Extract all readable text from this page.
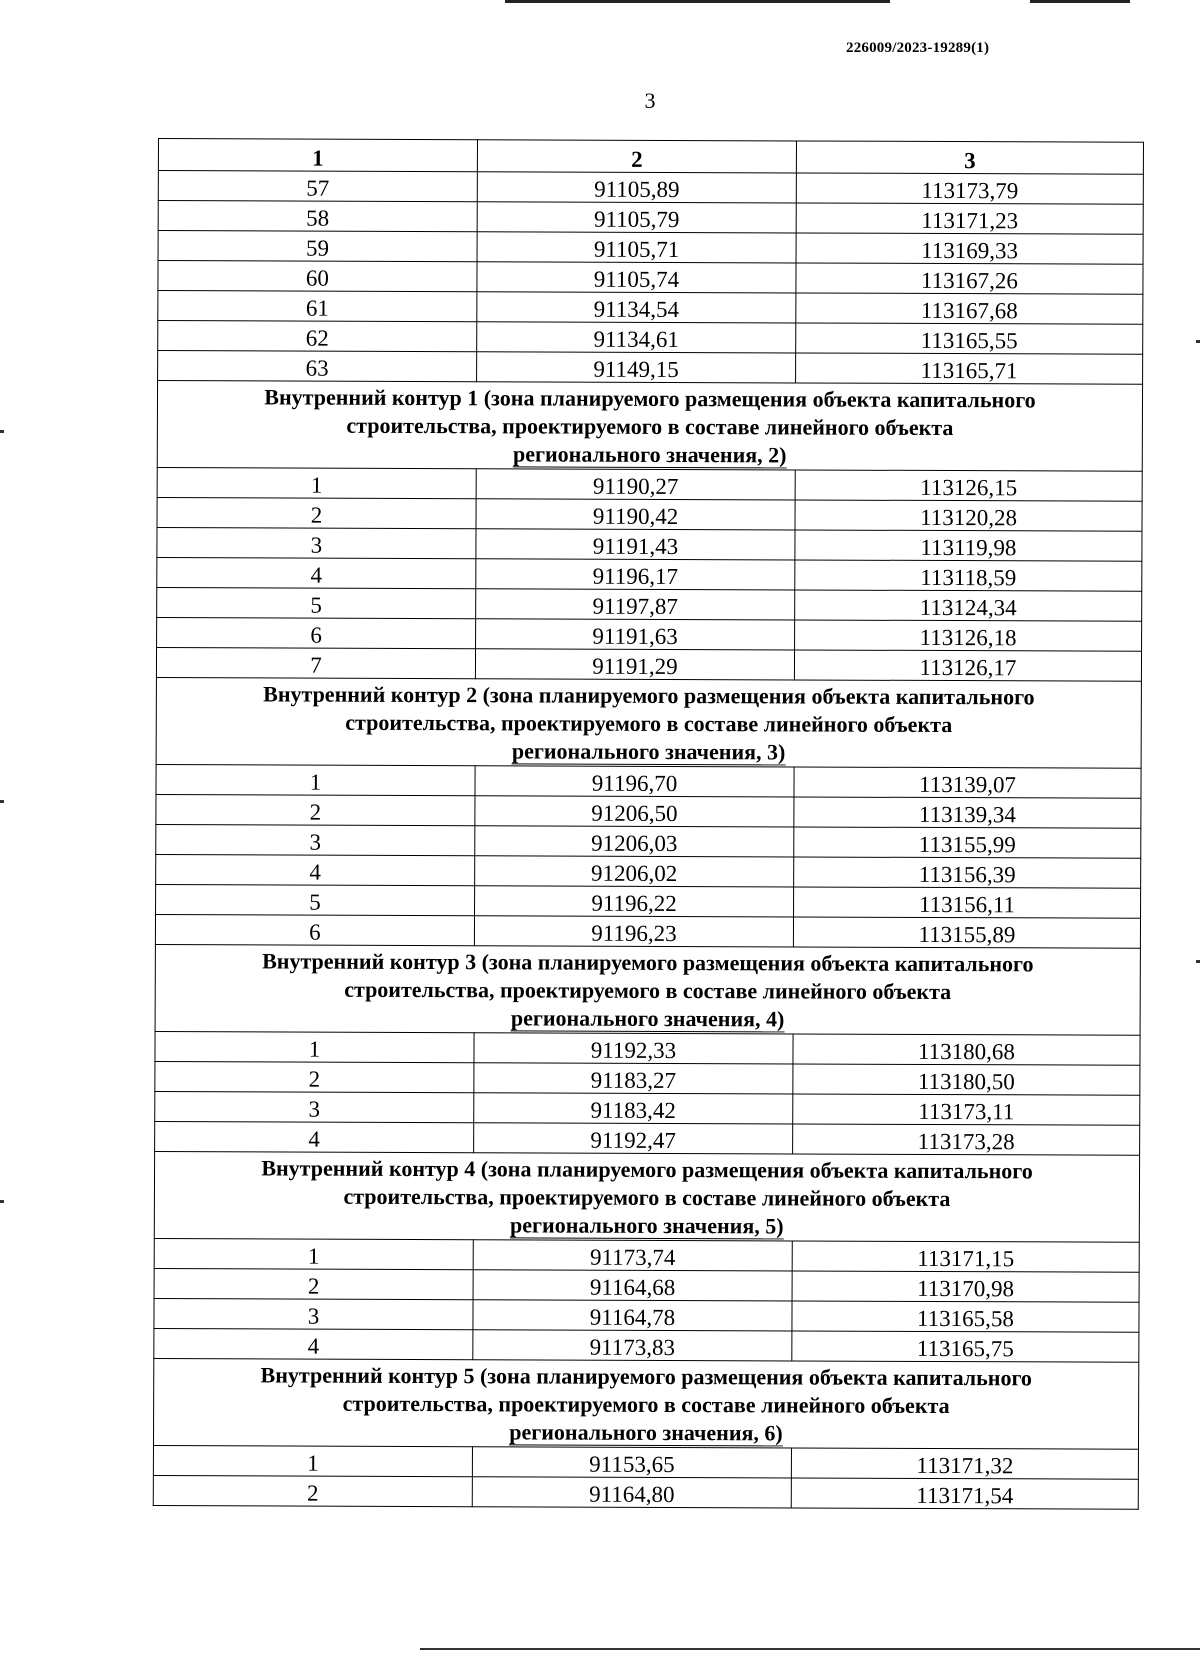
226009/2023-19289(1)
3
1	2	3
57	91105,89	113173,79
58	91105,79	113171,23
59	91105,71	113169,33
60	91105,74	113167,26
61	91134,54	113167,68
62	91134,61	113165,55
63	91149,15	113165,71

Внутренний контур 1 (зона планируемого размещения объекта капитального
строительства, проектируемого в составе линейного объекта
регионального значения, 2)		
1	91190,27	113126,15
2	91190,42	113120,28
3	91191,43	113119,98
4	91196,17	113118,59
5	91197,87	113124,34
6	91191,63	113126,18
7	91191,29	113126,17

Внутренний контур 2 (зона планируемого размещения объекта капитального
строительства, проектируемого в составе линейного объекта
регионального значения, 3)		
1	91196,70	113139,07
2	91206,50	113139,34
3	91206,03	113155,99
4	91206,02	113156,39
5	91196,22	113156,11
6	91196,23	113155,89

Внутренний контур 3 (зона планируемого размещения объекта капитального
строительства, проектируемого в составе линейного объекта
регионального значения, 4)		
1	91192,33	113180,68
2	91183,27	113180,50
3	91183,42	113173,11
4	91192,47	113173,28

Внутренний контур 4 (зона планируемого размещения объекта капитального
строительства, проектируемого в составе линейного объекта
регионального значения, 5)		
1	91173,74	113171,15
2	91164,68	113170,98
3	91164,78	113165,58
4	91173,83	113165,75

Внутренний контур 5 (зона планируемого размещения объекта капитального
строительства, проектируемого в составе линейного объекта
регионального значения, 6)		
1	91153,65	113171,32
2	91164,80	113171,54
